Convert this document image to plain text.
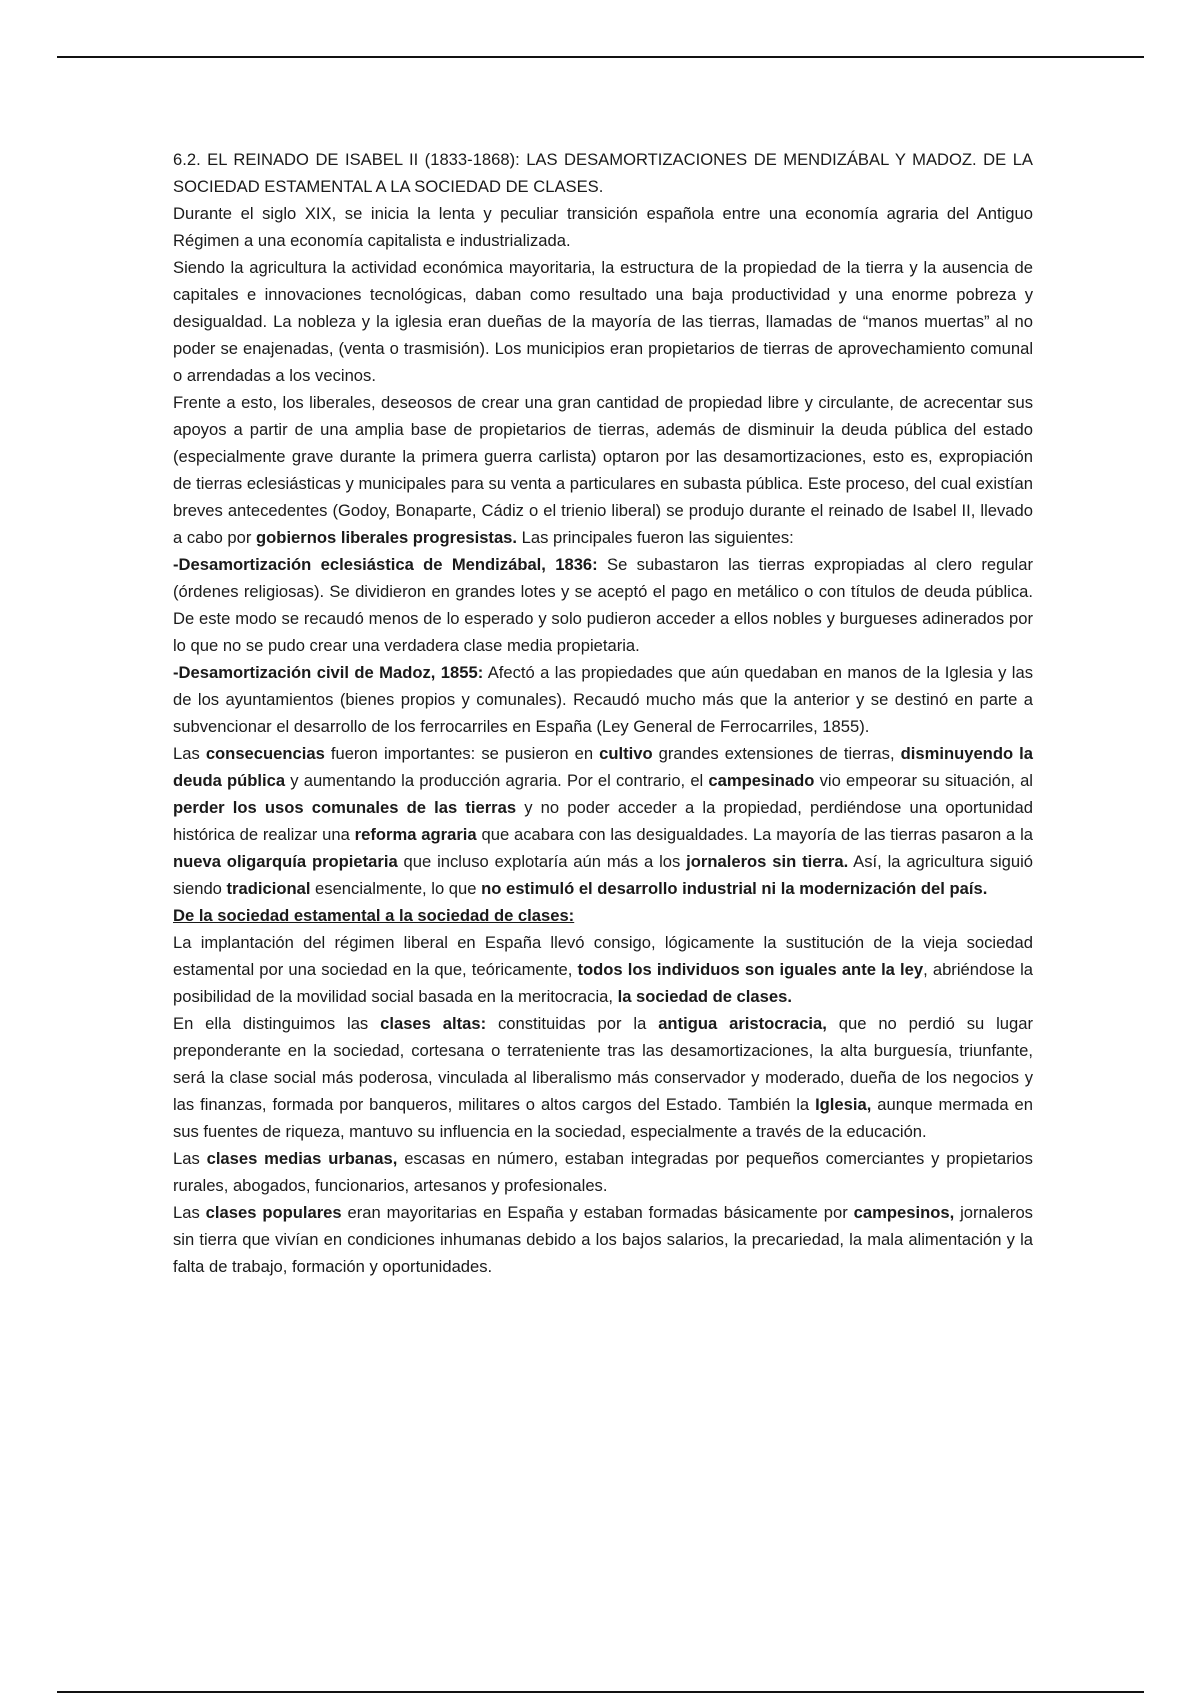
6.2. EL REINADO DE ISABEL II (1833-1868): LAS DESAMORTIZACIONES DE MENDIZÁBAL Y MADOZ. DE LA SOCIEDAD ESTAMENTAL A LA SOCIEDAD DE CLASES.

Durante el siglo XIX, se inicia la lenta y peculiar transición española entre una economía agraria del Antiguo Régimen a una economía capitalista e industrializada.

Siendo la agricultura la actividad económica mayoritaria, la estructura de la propiedad de la tierra y la ausencia de capitales e innovaciones tecnológicas, daban como resultado una baja productividad y una enorme pobreza y desigualdad. La nobleza y la iglesia eran dueñas de la mayoría de las tierras, llamadas de “manos muertas” al no poder se enajenadas, (venta o trasmisión). Los municipios eran propietarios de tierras de aprovechamiento comunal o arrendadas a los vecinos.

Frente a esto, los liberales, deseosos de crear una gran cantidad de propiedad libre y circulante, de acrecentar sus apoyos a partir de una amplia base de propietarios de tierras, además de disminuir la deuda pública del estado (especialmente grave durante la primera guerra carlista) optaron por las desamortizaciones, esto es, expropiación de tierras eclesiásticas y municipales para su venta a particulares en subasta pública. Este proceso, del cual existían breves antecedentes (Godoy, Bonaparte, Cádiz o el trienio liberal) se produjo durante el reinado de Isabel II, llevado a cabo por gobiernos liberales progresistas. Las principales fueron las siguientes:

-Desamortización eclesiástica de Mendizábal, 1836: Se subastaron las tierras expropiadas al clero regular (órdenes religiosas). Se dividieron en grandes lotes y se aceptó el pago en metálico o con títulos de deuda pública. De este modo se recaudó menos de lo esperado y solo pudieron acceder a ellos nobles y burgueses adinerados por lo que no se pudo crear una verdadera clase media propietaria.

-Desamortización civil de Madoz, 1855: Afectó a las propiedades que aún quedaban en manos de la Iglesia y las de los ayuntamientos (bienes propios y comunales). Recaudó mucho más que la anterior y se destinó en parte a subvencionar el desarrollo de los ferrocarriles en España (Ley General de Ferrocarriles, 1855).

Las consecuencias fueron importantes: se pusieron en cultivo grandes extensiones de tierras, disminuyendo la deuda pública y aumentando la producción agraria. Por el contrario, el campesinado vio empeorar su situación, al perder los usos comunales de las tierras y no poder acceder a la propiedad, perdiéndose una oportunidad histórica de realizar una reforma agraria que acabara con las desigualdades. La mayoría de las tierras pasaron a la nueva oligarquía propietaria que incluso explotaría aún más a los jornaleros sin tierra. Así, la agricultura siguió siendo tradicional esencialmente, lo que no estimuló el desarrollo industrial ni la modernización del país.

De la sociedad estamental a la sociedad de clases:

La implantación del régimen liberal en España llevó consigo, lógicamente la sustitución de la vieja sociedad estamental por una sociedad en la que, teóricamente, todos los individuos son iguales ante la ley, abriéndose la posibilidad de la movilidad social basada en la meritocracia, la sociedad de clases.

En ella distinguimos las clases altas: constituidas por la antigua aristocracia, que no perdió su lugar preponderante en la sociedad, cortesana o terrateniente tras las desamortizaciones, la alta burguesía, triunfante, será la clase social más poderosa, vinculada al liberalismo más conservador y moderado, dueña de los negocios y las finanzas, formada por banqueros, militares o altos cargos del Estado. También la Iglesia, aunque mermada en sus fuentes de riqueza, mantuvo su influencia en la sociedad, especialmente a través de la educación.

Las clases medias urbanas, escasas en número, estaban integradas por pequeños comerciantes y propietarios rurales, abogados, funcionarios, artesanos y profesionales.

Las clases populares eran mayoritarias en España y estaban formadas básicamente por campesinos, jornaleros sin tierra que vivían en condiciones inhumanas debido a los bajos salarios, la precariedad, la mala alimentación y la falta de trabajo, formación y oportunidades.
